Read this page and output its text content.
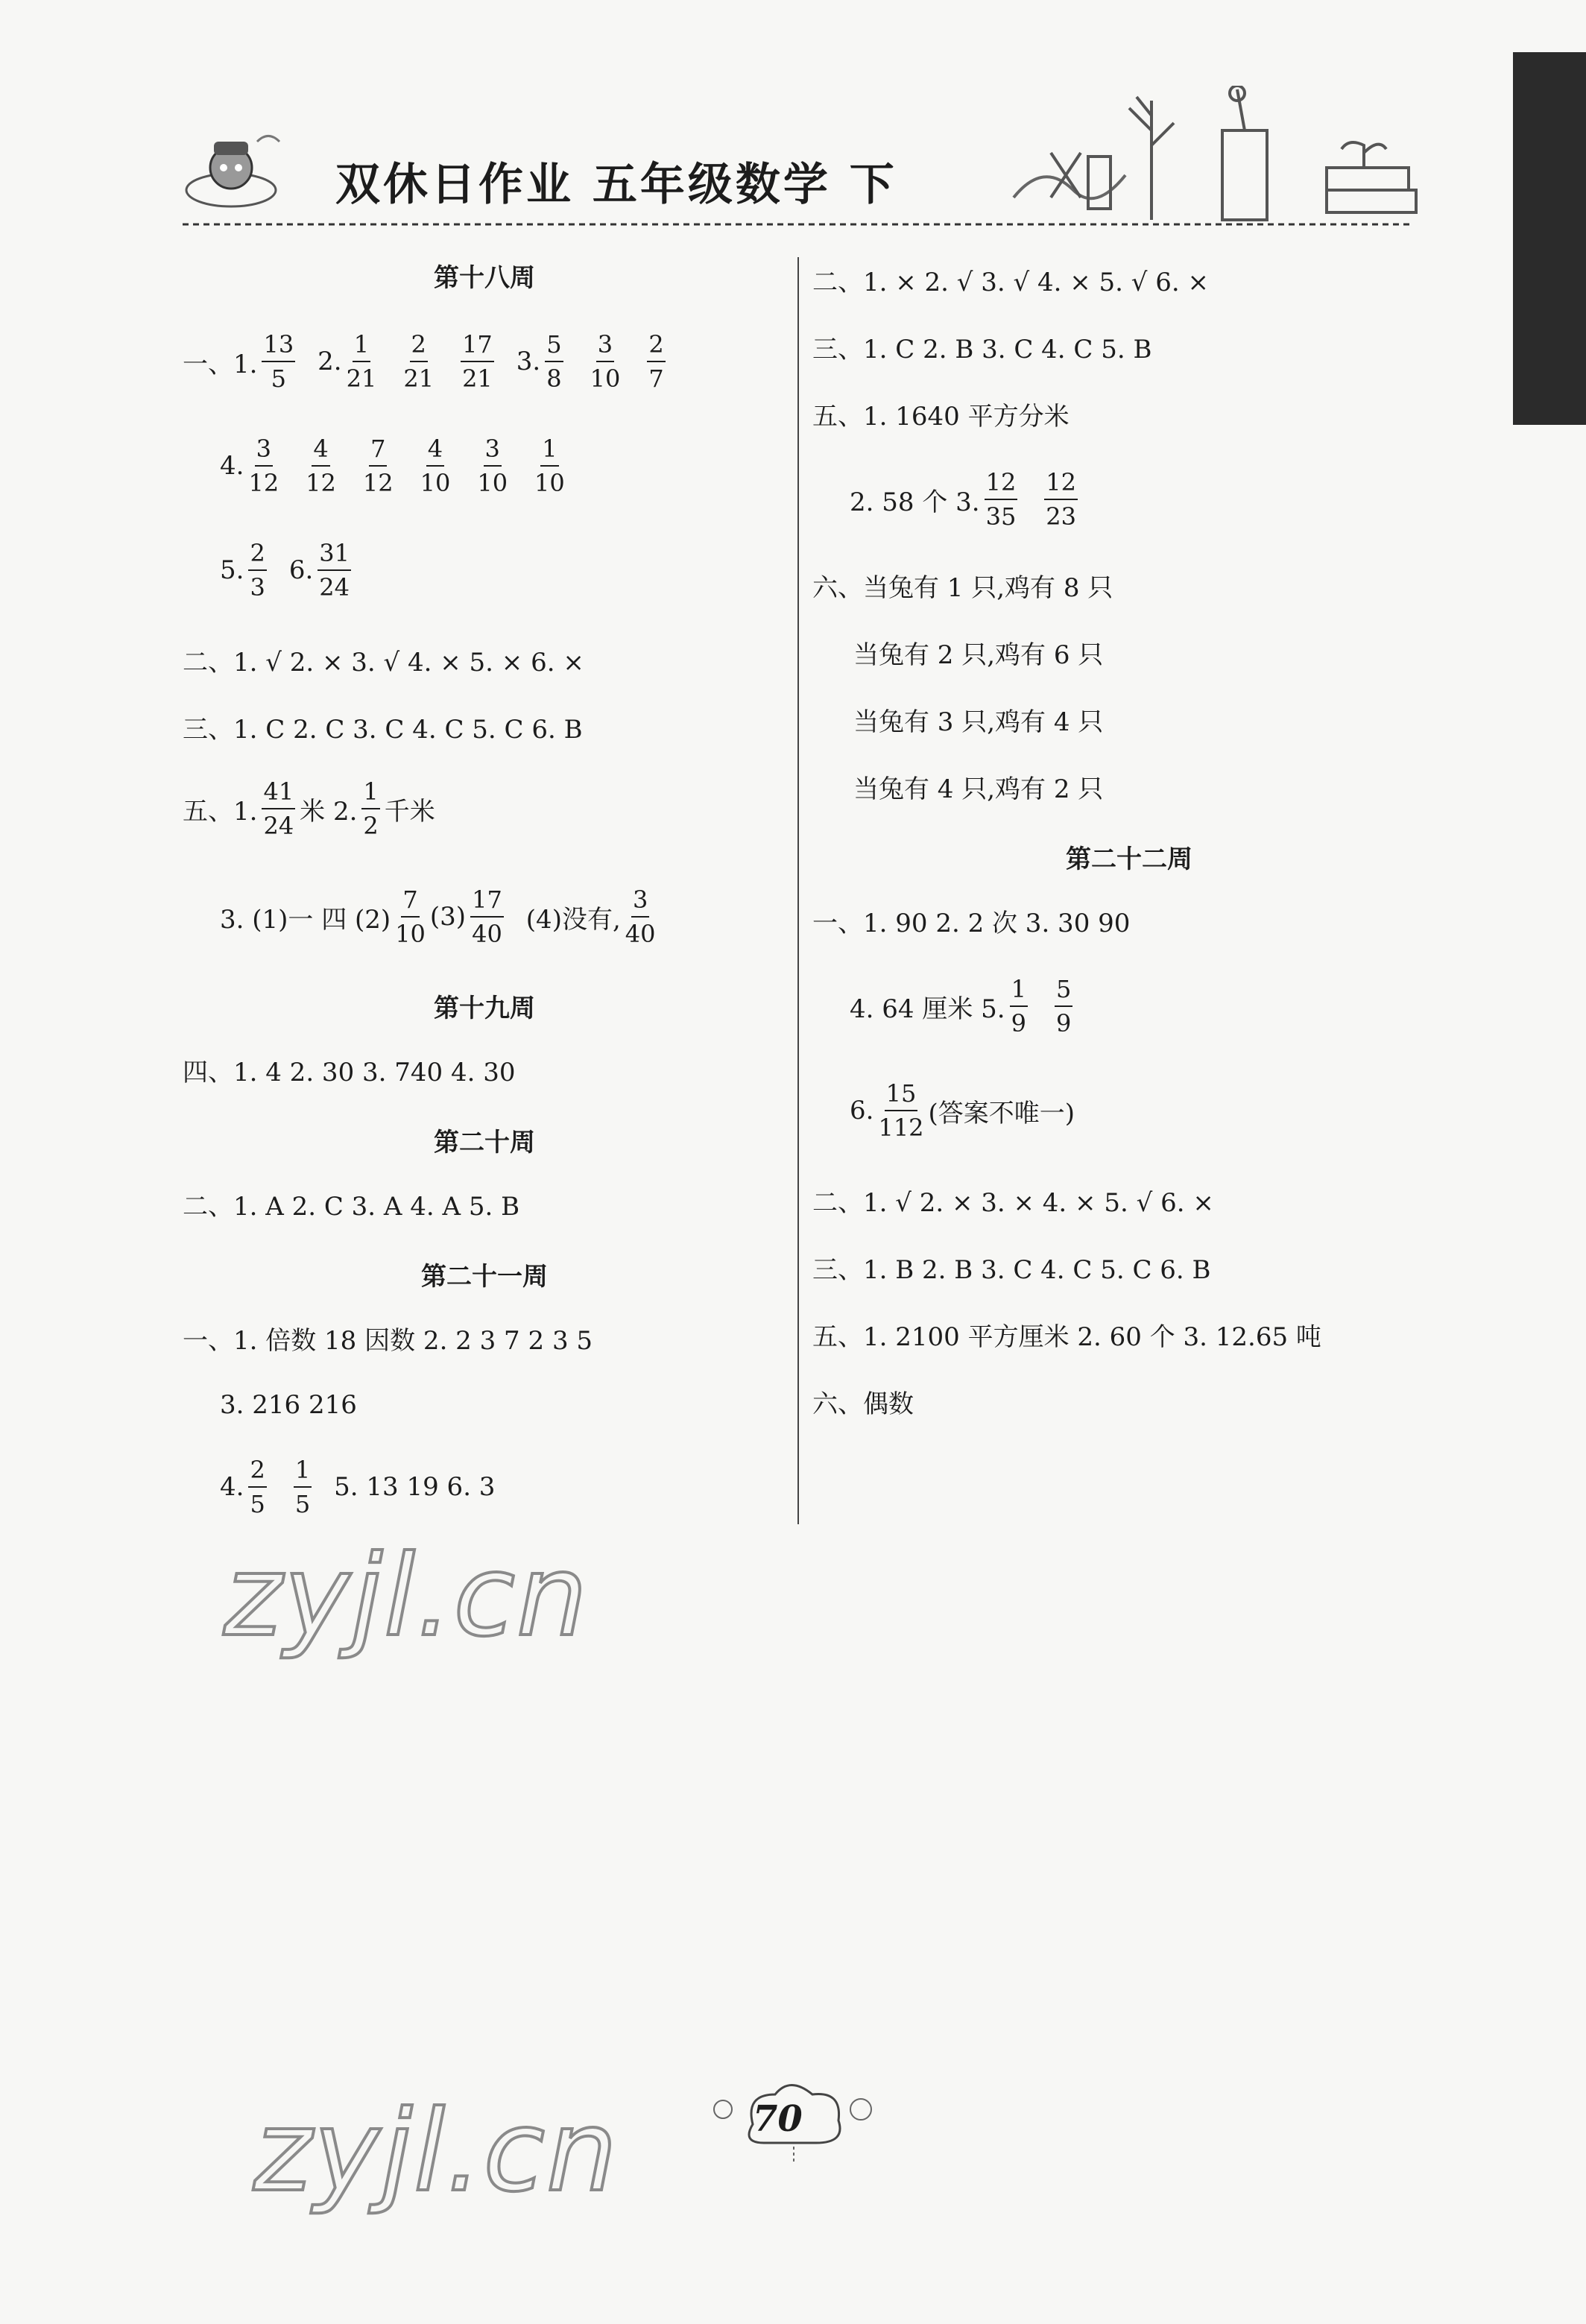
双休日作业 五年级数学 下
第十八周
一、1. $\frac{13}{5} 2$. $\frac{1}{21} \frac{2}{21} \frac{17}{21} 3$. $\frac{5}{8} \frac{3}{10} \frac{2}{7}$
4. $\frac{3}{12} \frac{4}{12} \frac{7}{12} \frac{4}{10} \frac{3}{10} \frac{1}{10}$
5. $\frac{2}{3} 6$. $\frac{31}{24}$
二、1. √ 2. × 3. √ 4. × 5. × 6. ×
三、1. C 2. C 3. C 4. C 5. C 6. B
五、1. $\frac{41}{24}$ 米 2. $\frac{1}{2}$ 千米
3. (1)一 四 $(2) \frac{7}{10} (3) \frac{17}{40} (4)$没有, $\frac{3}{40}$
第十九周
四、1. 4 2. 30 3. 740 4. 30
第二十周
二、1. A 2. C 3. A 4. A 5. B
第二十一周
一、1. 倍数 18 因数 2. 2 3 7 2 3 5
3. 216 216
4. $\frac{2}{5} \frac{1}{5} 5$. 13 19 6. 3
二、1. × 2. √ 3. √ 4. × 5. √ 6. ×
三、1. C 2. B 3. C 4. C 5. B
五、1. 1640 平方分米
2. 58 个 3. $\frac{12}{35} \frac{12}{23}$
六、当兔有 1 只,鸡有 8 只
当兔有 2 只,鸡有 6 只
当兔有 3 只,鸡有 4 只
当兔有 4 只,鸡有 2 只
第二十二周
一、1. 90 2. 2 次 3. 30 90
4. 64 厘米 5. $\frac{1}{9} \frac{5}{9}$
6. $\frac{15}{112}$ (答案不唯一)
二、1. √ 2. × 3. × 4. × 5. √ 6. ×
三、1. B 2. B 3. C 4. C 5. C 6. B
五、1. 2100 平方厘米 2. 60 个 3. 12.65 吨
六、偶数
zyjl.cn
zyjl.cn	70
